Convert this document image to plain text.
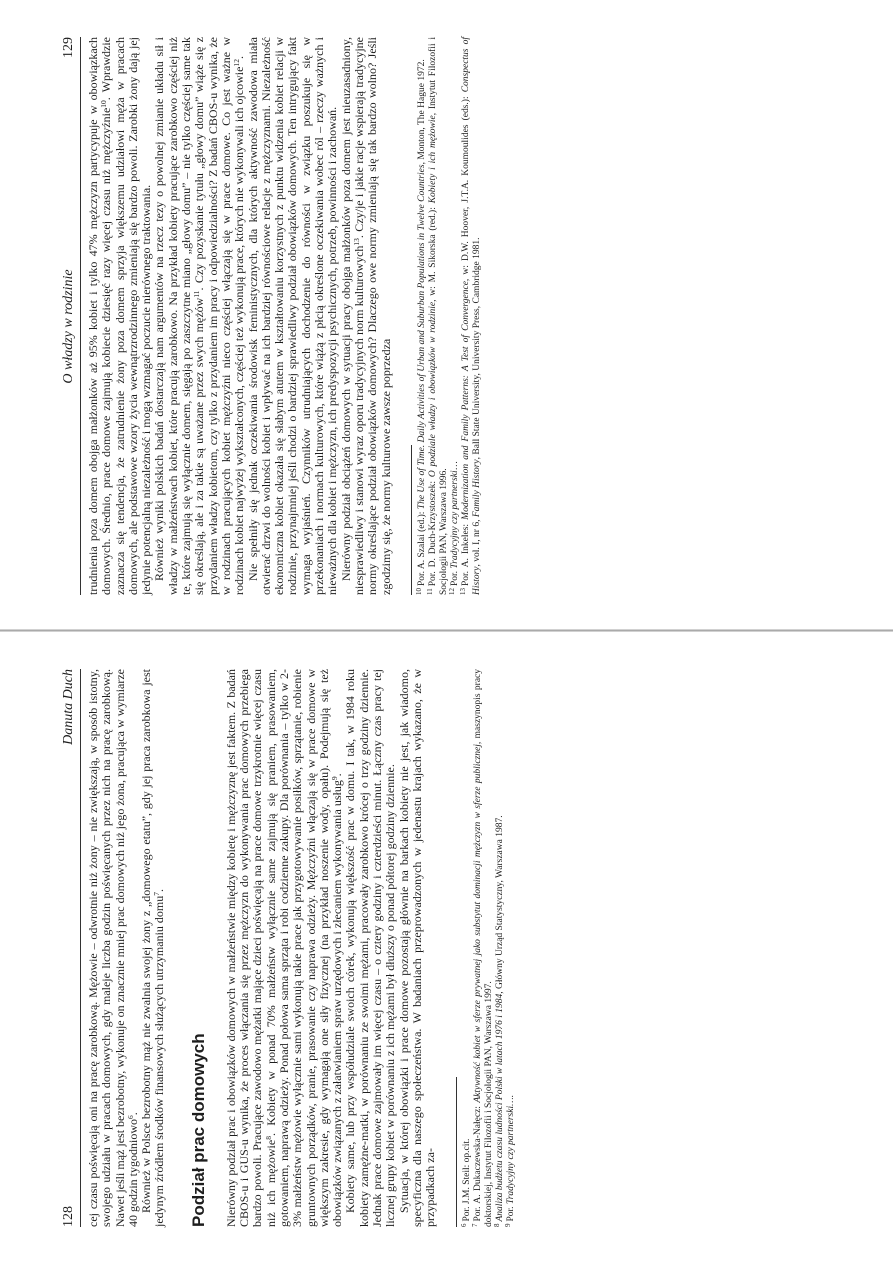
128
Danuta Duch cej czasu poświęcają oni na pracę zarobkową. Mężowie – odwrotnie niż żony – nie zwiększają, w sposób istotny, swojego udziału w pracach domowych, gdy maleje liczba godzin poświęcanych przez nich na pracę zarobkową. Nawet jeśli mąż jest bezrobotny, wykonuje on znacznie mniej prac domowych niż jego żona, pracująca w wymiarze 40 godzin tygodniowo$^6$. Również w Polsce bezrobotny mąż nie zwalnia swojej żony z „domowego etatu”, gdy jej praca zarobkowa jest jedynym źródłem środków finansowych służących utrzymaniu domu$^7$.

Podział prac domowych Nierówny podział prac i obowiązków domowych w małżeństwie między kobietę i mężczyznę jest faktem. Z badań CBOS-u i GUS-u wynika, że proces włączania się przez mężczyzn do wykonywania prac domowych przebiega bardzo powoli. Pracujące zawodowo mężatki mające dzieci poświęcają na prace domowe trzykrotnie więcej czasu niż ich mężowie$^8$. Kobiety w ponad 70% małżeństw wyłącznie same zajmują się praniem, prasowaniem, gotowaniem, naprawą odzieży. Ponad połowa sama sprząta i robi codzienne zakupy. Dla porównania – tylko w 2-3% małżeństw mężowie wyłącznie sami wykonują takie prace jak przygotowywanie posiłków, sprzątanie, robienie gruntownych porządków, pranie, prasowanie czy naprawa odzieży. Mężczyźni włączają się w prace domowe w większym zakresie, gdy wymagają one siły fizycznej (na przykład noszenie wody, opału). Podejmują się też obowiązków związanych z załatwianiem spraw urzędowych i złecaniem wykonywania usług$^9$. Kobiety same, lub przy współudziale swoich córek, wykonują większość prac w domu. I tak, w 1984 roku kobiety zamężne-matki, w porównaniu ze swoimi mężami, pracowały zarobkowo krócej o trzy godziny dziennie. Jednak prace domowe zajmowały im więcej czasu – o cztery godziny i czterdzieści minut. Łączny czas pracy tej licznej grupy kobiet w porównaniu z ich mężami był dłuższy o ponad półtorej godziny dziennie. Sytuacja, w której obowiązki i prace domowe pozostają głównie na barkach kobiety nie jest, jak wiadomo, specyficzna dla naszego społeczeństwa. W badaniach przeprowadzonych w jedenastu krajach wykazano, że w przypadkach za-	$^6$Por. J.M. Steil: op.cit.

$^7$Por. A. Dukaczewska-Nałęcz: Aktywność kobiet w sferze prywatnej jako substytut dominacji mężczyzn w sferze publicznej, maszynopis pracy doktorskiej, Instytut Filozofii i Socjologii PAN, Warszawa 1997. $^8$Analiza budżetu czasu ludności Polski w latach 1976 i 1984, Główny Urząd Statystyczny, Warszawa 1987.

$^9$Por. Tradycyjny czy partnerski….

O władzy w rodzinie
129 trudnienia poza domem obojga małżonków aż 95% kobiet i tylko 47% mężczyzn partycypuje w obowiązkach domowych. Średnio, prace domowe zajmują kobiecie dziesięć razy więcej czasu niż mężczyźnie$^{10}$. Wprawdzie zaznacza się tendencja, że zatrudnienie żony poza domem sprzyja większemu udziałowi męża w pracach domowych, ale podstawowe wzory życia wewnątrzrodzinnego zmieniają się bardzo powoli. Zarobki żony dają jej jedynie potencjalną niezależność i mogą wzmagać poczucie nierównego traktowania. Również wyniki polskich badań dostarczają nam argumentów na rzecz tezy o powolnej zmianie układu sił i władzy w małżeństwach kobiet, które pracują zarobkowo. Na przykład kobiety pracujące zarobkowo częściej niż te, które zajmują się wyłącznie domem, sięgają po zaszczytne miano „głowy domu” – nie tylko częściej same tak się określają, ale i za takie są uważane przez swych mężów$^{11}$. Czy pozyskanie tytułu „głowy domu” wiąże się z przydaniem władzy kobietom, czy tylko z przydaniem im pracy i odpowiedzialności? Z badań CBOS-u wynika, że w rodzinach pracujących kobiet mężczyźni nieco częściej włączają się w prace domowe. Co jest ważne w rodzinach kobiet najwyżej wykształconych, częściej też wykonują prace, których nie wykonywali ich ojcowie$^{12}$. Nie spełniły się jednak oczekiwania środowisk feministycznych, dla których aktywność zawodowa miała otwierać drzwi do wolności kobiet i wpływać na ich bardziej równościowe relacje z mężczyznami. Niezależność ekonomiczna kobiet okazała się słabym atutem w kształtowaniu korzystnych z punktu widzenia kobiet relacji w rodzinie, przynajmniej jeśli chodzi o bardziej sprawiedliwy podział obowiązków domowych. Ten intrygujący fakt wymaga wyjaśnień. Czynników utrudniających dochodzenie do równości w związku poszukuje się w przekonaniach i normach kulturowych, które wiążą z płcią określone oczekiwania wobec ról – rzeczy ważnych i nieważnych dla kobiet i mężczyzn, ich predyspozycji psychicznych, potrzeb, powinności i zachowań. Nierówny podział obciążeń domowych w sytuacji pracy obojga małżonków poza domem jest nieuzasadniony, niesprawiedliwy i stanowi wyraz oporu tradycyjnych norm kulturowych$^{13}$. Czy/je i jakie racje wspierają tradycyjne normy określające podział obowiązków domowych? Dlaczego owe normy zmieniają się tak bardzo wolno? Jeśli zgodzimy się, że normy kulturowe zawsze poprzedza	$^{10}$Por. A. Szalai (ed.): The Use of Time. Daily Activities of Urban and Suburban Populations in Twelve Countries, Monton, The Hague 1972.

$^{11}$Por. D. Duch-Krzystoszek: O podziale władzy i obowiązków w rodzinie, w: M. Sikorska (red.): Kobiety i ich mężowie, Instytut Filozofii i Socjologii PAN, Warszawa 1996. $^{12}$Por. Tradycyjny czy partnerski…

$^{13}$Por. A. Inkeles: Modernization and Family Patterns: A Test of Convergence, w: D.W. Hoover, J.T.A. Koumoulides (eds.): Conspectus of History, vol. I, nr 6, Family History, Ball State University, University Press, Cambridge 1981.
